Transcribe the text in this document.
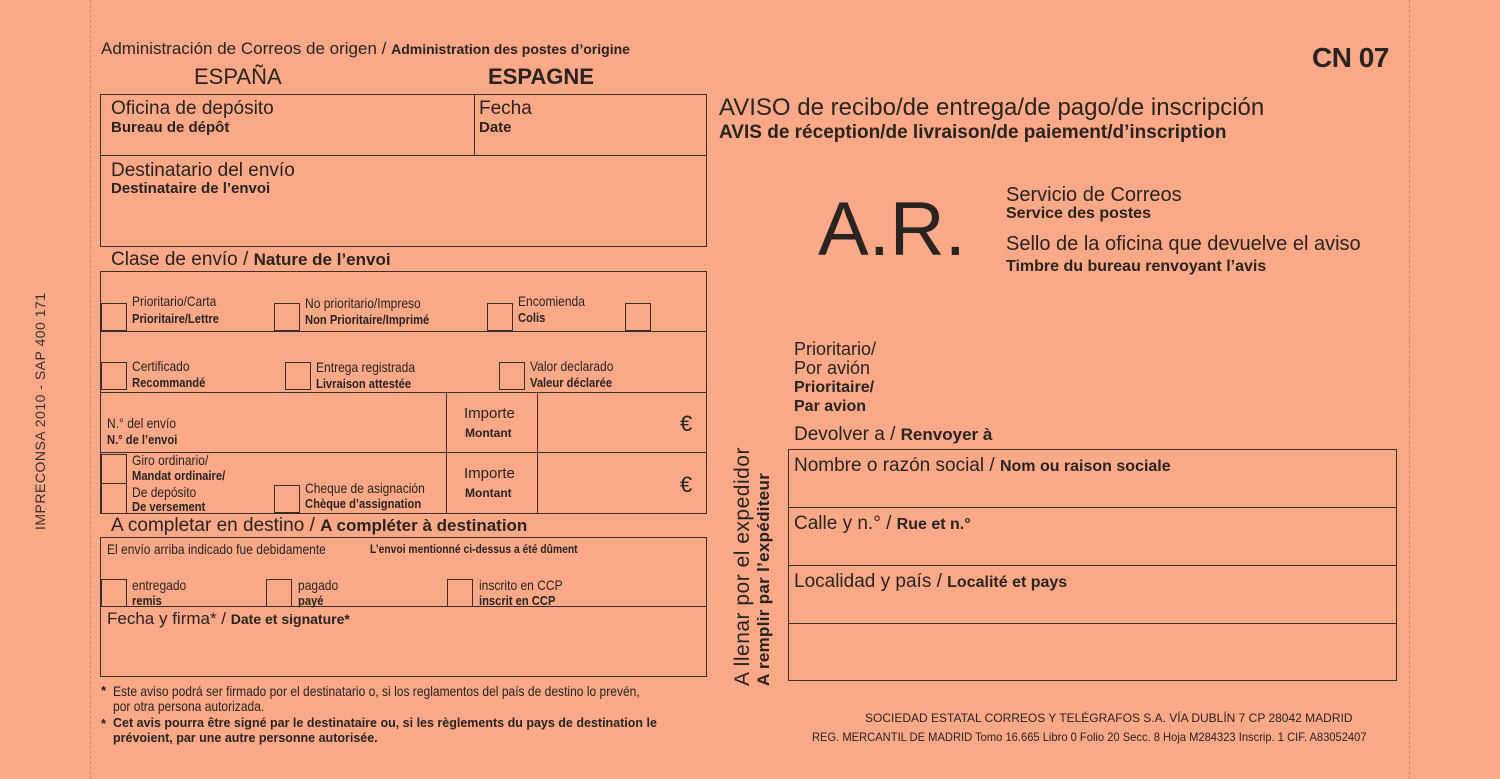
IMPRECONSA 2010 - SAP 400 171
Administración de Correos de origen / Administration des postes d’origine
ESPAÑA	ESPAGNE
CN 07
Oficina de depósito
Bureau de dépôt
Fecha
Date
Destinatario del envío
Destinataire de l’envoi
Clase de envío / Nature de l’envoi
Prioritario/Carta
Prioritaire/Lettre
No prioritario/Impreso
Non Prioritaire/Imprimé
Encomienda
Colis
Certificado
Recommandé
Entrega registrada
Livraison attestée
Valor declarado
Valeur déclarée
N.° del envío
N.° de l’envoi
Importe
Montant	€
Giro ordinario/
Mandat ordinaire/
De depósito
De versement
Cheque de asignación
Chèque d’assignation
Importe
Montant	€
A completar en destino / A compléter à destination
El envío arriba indicado fue debidamente	L’envoi mentionné ci-dessus a été dûment
entregado
remis
pagado
payé
inscrito en CCP
inscrit en CCP
Fecha y firma* / Date et signature*
* Este aviso podrá ser firmado por el destinatario o, si los reglamentos del país de destino lo prevén,
por otra persona autorizada.
* Cet avis pourra être signé par le destinataire ou, si les règlements du pays de destination le
prévoient, par une autre personne autorisée.
AVISO de recibo/de entrega/de pago/de inscripción
AVIS de réception/de livraison/de paiement/d’inscription
A.R. Servicio de Correos
Service des postes
Sello de la oficina que devuelve el aviso
Timbre du bureau renvoyant l’avis
A llenar por el expedidor A remplir par l’expéditeur
Prioritario/
Por avión
Prioritaire/
Par avion
Devolver a / Renvoyer à
Nombre o razón social / Nom ou raison sociale
Calle y n.° / Rue et n.°
Localidad y país / Localité et pays
SOCIEDAD ESTATAL CORREOS Y TELÉGRAFOS S.A. VÍA DUBLÍN 7 CP 28042 MADRID
REG. MERCANTIL DE MADRID Tomo 16.665 Libro 0 Folio 20 Secc. 8 Hoja M284323 Inscrip. 1 CIF. A83052407
